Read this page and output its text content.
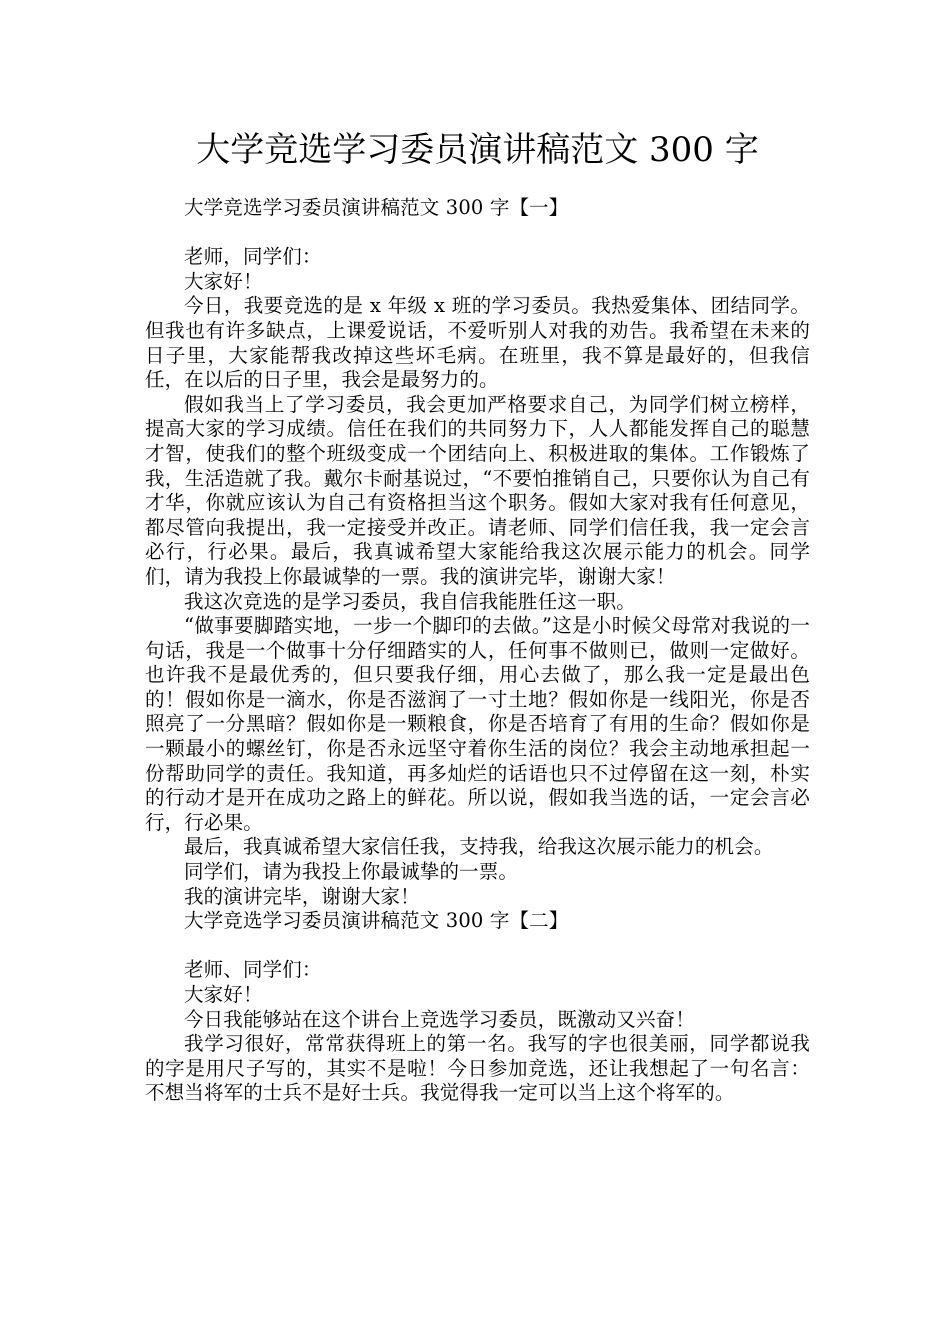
大学竞选学习委员演讲稿范文 300 字

大学竞选学习委员演讲稿范文 300 字【一】

老师，同学们：

大家好！

今日，我要竞选的是 x 年级 x 班的学习委员。我热爱集体、团结同学。但我也有许多缺点，上课爱说话，不爱听别人对我的劝告。我希望在未来的日子里，大家能帮我改掉这些坏毛病。在班里，我不算是最好的，但我信任，在以后的日子里，我会是最努力的。

假如我当上了学习委员，我会更加严格要求自己，为同学们树立榜样，提高大家的学习成绩。信任在我们的共同努力下，人人都能发挥自己的聪慧才智，使我们的整个班级变成一个团结向上、积极进取的集体。工作锻炼了我，生活造就了我。戴尔卡耐基说过，“不要怕推销自己，只要你认为自己有才华，你就应该认为自己有资格担当这个职务。假如大家对我有任何意见，都尽管向我提出，我一定接受并改正。请老师、同学们信任我，我一定会言必行，行必果。最后，我真诚希望大家能给我这次展示能力的机会。同学们，请为我投上你最诚挚的一票。我的演讲完毕，谢谢大家！

我这次竞选的是学习委员，我自信我能胜任这一职。

“做事要脚踏实地，一步一个脚印的去做。”这是小时候父母常对我说的一句话，我是一个做事十分仔细踏实的人，任何事不做则已，做则一定做好。也许我不是最优秀的，但只要我仔细，用心去做了，那么我一定是最出色的！假如你是一滴水，你是否滋润了一寸土地？假如你是一线阳光，你是否照亮了一分黑暗？假如你是一颗粮食，你是否培育了有用的生命？假如你是一颗最小的螺丝钉，你是否永远坚守着你生活的岗位？我会主动地承担起一份帮助同学的责任。我知道，再多灿烂的话语也只不过停留在这一刻，朴实的行动才是开在成功之路上的鲜花。所以说，假如我当选的话，一定会言必行，行必果。

最后，我真诚希望大家信任我，支持我，给我这次展示能力的机会。

同学们，请为我投上你最诚挚的一票。

我的演讲完毕，谢谢大家！

大学竞选学习委员演讲稿范文 300 字【二】

老师、同学们：

大家好！

今日我能够站在这个讲台上竞选学习委员，既激动又兴奋！

我学习很好，常常获得班上的第一名。我写的字也很美丽，同学都说我的字是用尺子写的，其实不是啦！今日参加竞选，还让我想起了一句名言：不想当将军的士兵不是好士兵。我觉得我一定可以当上这个将军的。
